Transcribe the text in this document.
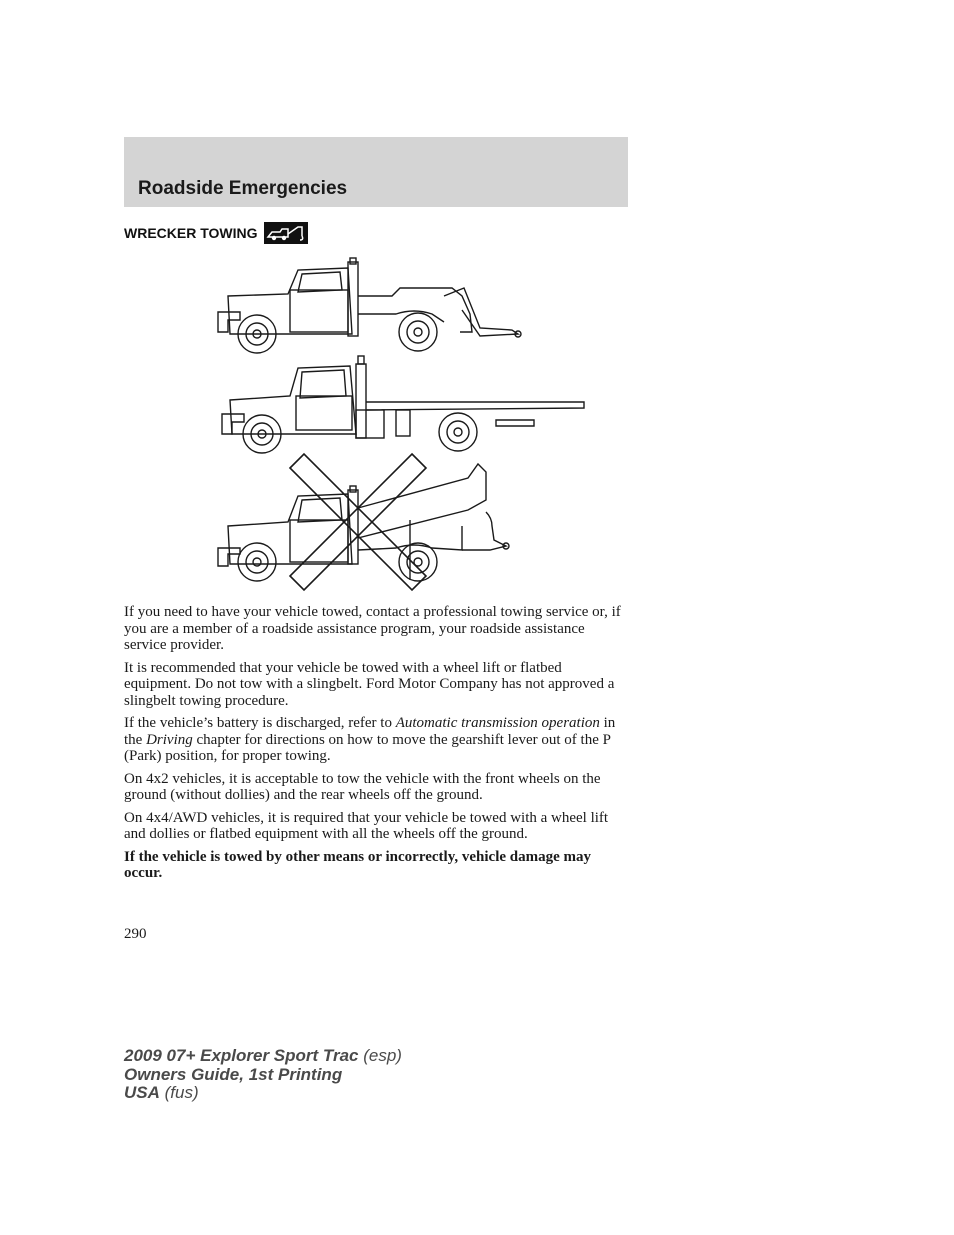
Roadside Emergencies
WRECKER TOWING

If you need to have your vehicle towed, contact a professional towing service or, if you are a member of a roadside assistance program, your roadside assistance service provider.

It is recommended that your vehicle be towed with a wheel lift or flatbed equipment. Do not tow with a slingbelt. Ford Motor Company has not approved a slingbelt towing procedure.

If the vehicle’s battery is discharged, refer to Automatic transmission operation in the Driving chapter for directions on how to move the gearshift lever out of the P (Park) position, for proper towing.

On 4x2 vehicles, it is acceptable to tow the vehicle with the front wheels on the ground (without dollies) and the rear wheels off the ground.

On 4x4/AWD vehicles, it is required that your vehicle be towed with a wheel lift and dollies or flatbed equipment with all the wheels off the ground.

If the vehicle is towed by other means or incorrectly, vehicle damage may occur.

290
2009 07+ Explorer Sport Trac (esp)
Owners Guide, 1st Printing
USA (fus)
